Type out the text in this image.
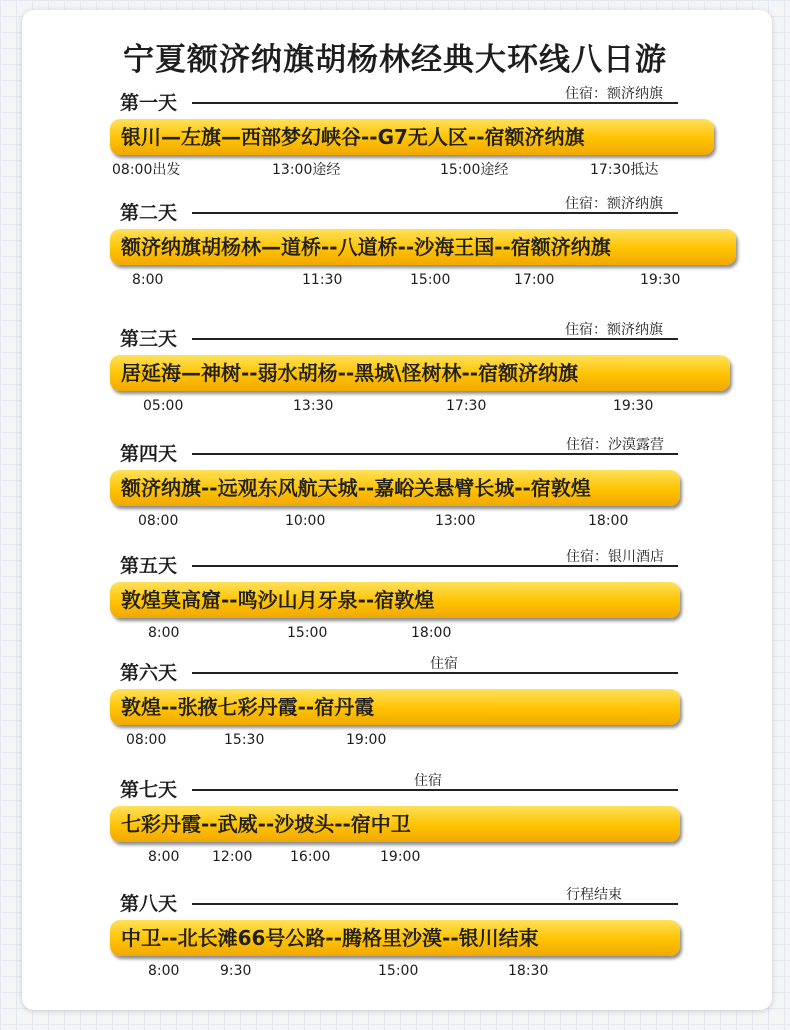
宁夏额济纳旗胡杨林经典大环线八日游
住宿：额济纳旗
第一天
银川—左旗—西部梦幻峡谷--G7无人区--宿额济纳旗
08:00出发	13:00途经	15:00途经	17:30抵达
住宿：额济纳旗
第二天
额济纳旗胡杨林—道桥--八道桥--沙海王国--宿额济纳旗
8:00	11:30	15:00	17:00	19:30
住宿：额济纳旗
第三天
居延海—神树--弱水胡杨--黑城\怪树林--宿额济纳旗
05:00	13:30	17:30	19:30
住宿：沙漠露营
第四天
额济纳旗--远观东风航天城--嘉峪关悬臂长城--宿敦煌
08:00	10:00	13:00	18:00
住宿：银川酒店
第五天
敦煌莫高窟--鸣沙山月牙泉--宿敦煌
8:00	15:00	18:00
住宿
第六天
敦煌--张掖七彩丹霞--宿丹霞
08:00	15:30	19:00
住宿
第七天
七彩丹霞--武威--沙坡头--宿中卫
8:00 12:00	16:00	19:00
行程结束
第八天
中卫--北长滩66号公路--腾格里沙漠--银川结束
8:00	9:30	15:00	18:30
